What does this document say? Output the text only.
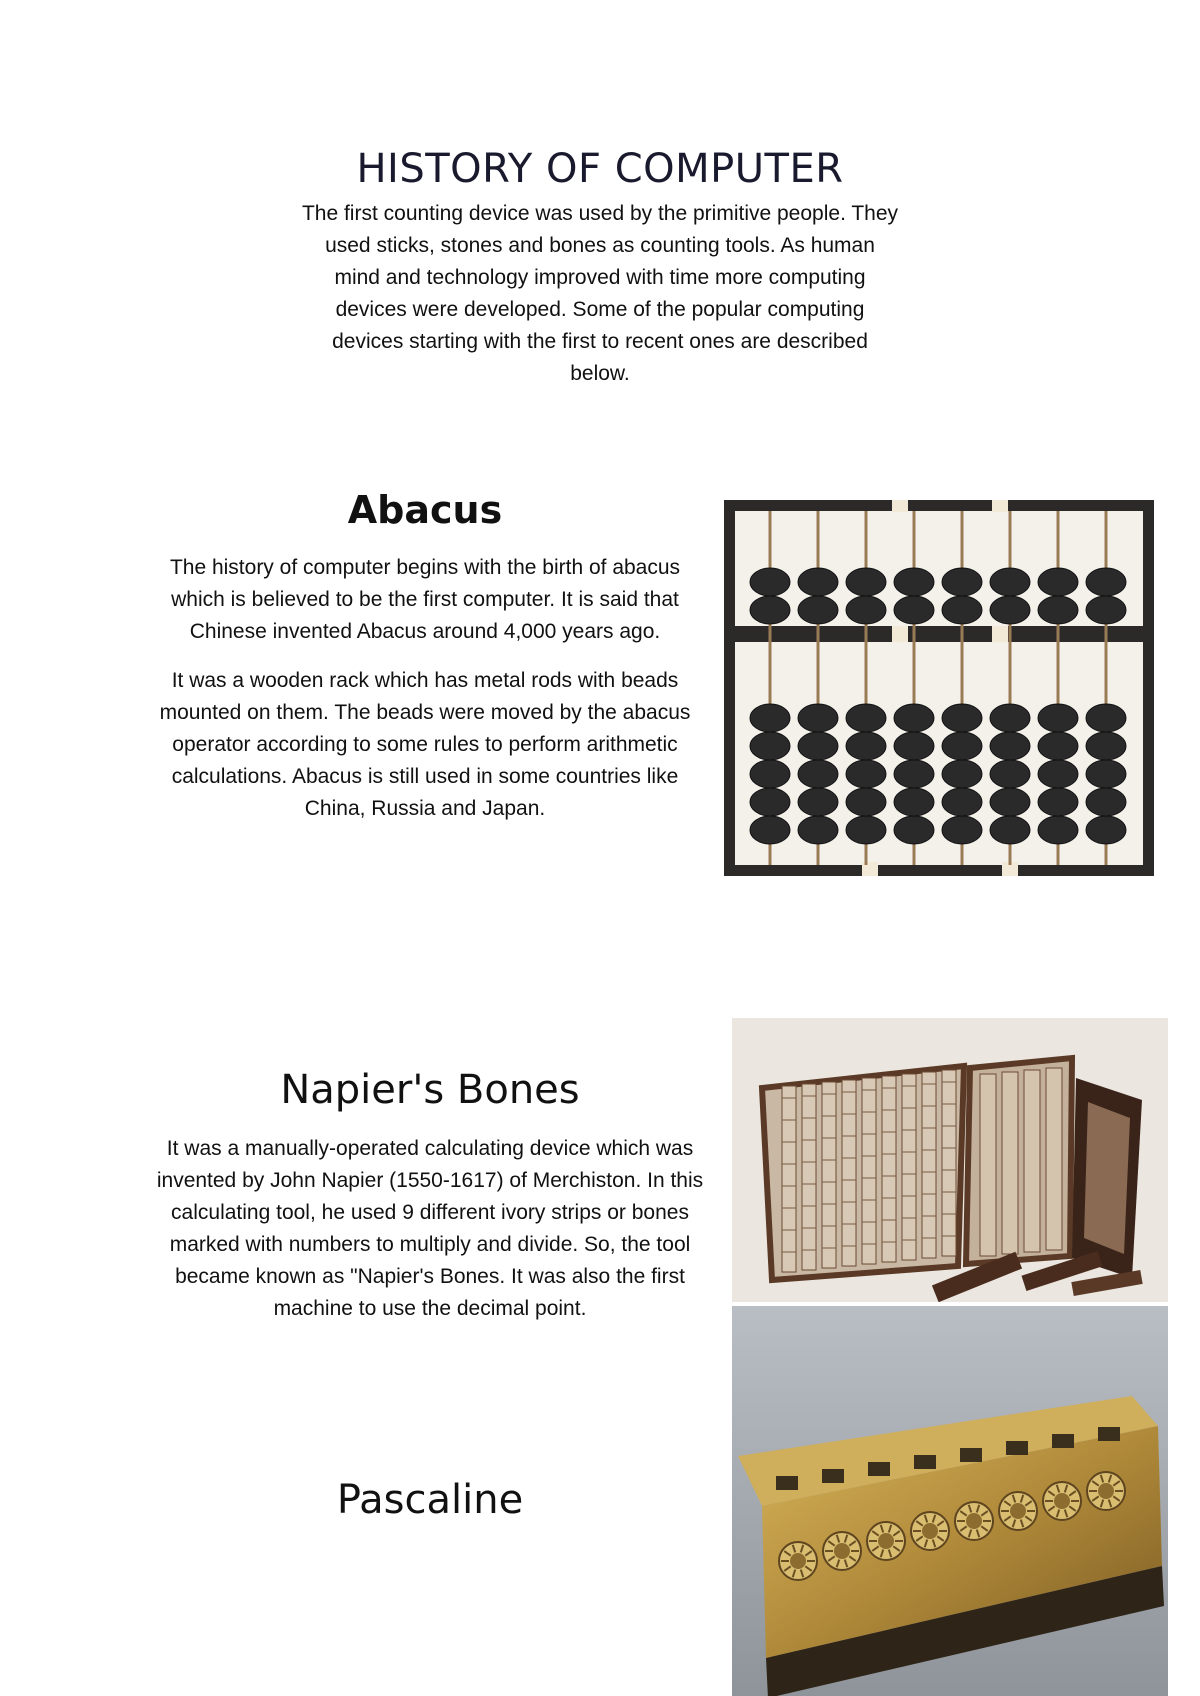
HISTORY OF COMPUTER

The first counting device was used by the primitive people. They used sticks, stones and bones as counting tools. As human mind and technology improved with time more computing devices were developed. Some of the popular computing devices starting with the first to recent ones are described below.

Abacus

The history of computer begins with the birth of abacus which is believed to be the first computer. It is said that Chinese invented Abacus around 4,000 years ago.

It was a wooden rack which has metal rods with beads mounted on them. The beads were moved by the abacus operator according to some rules to perform arithmetic calculations. Abacus is still used in some countries like China, Russia and Japan.

Napier's Bones

It was a manually-operated calculating device which was invented by John Napier (1550-1617) of Merchiston. In this calculating tool, he used 9 different ivory strips or bones marked with numbers to multiply and divide. So, the tool became known as "Napier's Bones. It was also the first machine to use the decimal point.

Pascaline
